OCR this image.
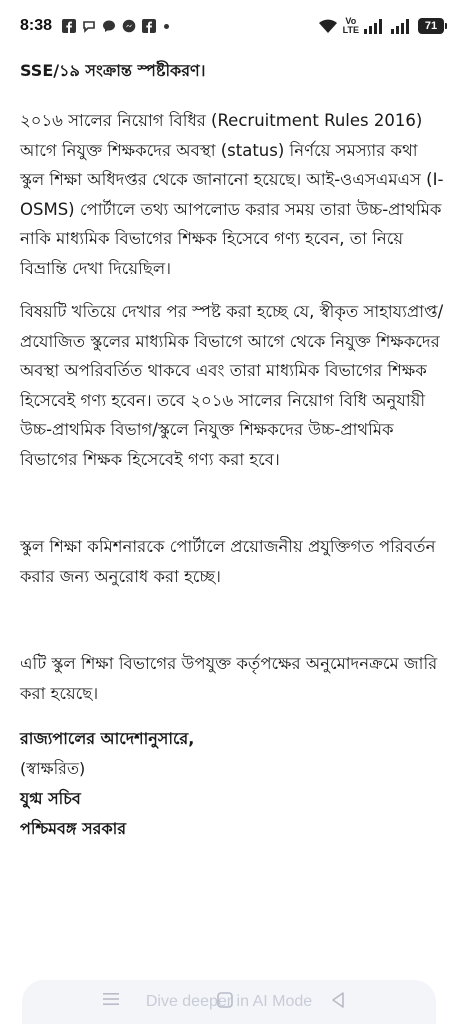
8:38	Vo
LTE	71
SSE/১৯ সংক্রান্ত স্পষ্টীকরণ।

২০১৬ সালের নিয়োগ বিধির (Recruitment Rules 2016) আগে নিযুক্ত শিক্ষকদের অবস্থা (status) নির্ণয়ে সমস্যার কথা স্কুল শিক্ষা অধিদপ্তর থেকে জানানো হয়েছে। আই-ওএসএমএস (I-OSMS) পোর্টালে তথ্য আপলোড করার সময় তারা উচ্চ-প্রাথমিক নাকি মাধ্যমিক বিভাগের শিক্ষক হিসেবে গণ্য হবেন, তা নিয়ে বিভ্রান্তি দেখা দিয়েছিল।

বিষয়টি খতিয়ে দেখার পর স্পষ্ট করা হচ্ছে যে, স্বীকৃত সাহায্যপ্রাপ্ত/প্রযোজিত স্কুলের মাধ্যমিক বিভাগে আগে থেকে নিযুক্ত শিক্ষকদের অবস্থা অপরিবর্তিত থাকবে এবং তারা মাধ্যমিক বিভাগের শিক্ষক হিসেবেই গণ্য হবেন। তবে ২০১৬ সালের নিয়োগ বিধি অনুযায়ী উচ্চ-প্রাথমিক বিভাগ/স্কুলে নিযুক্ত শিক্ষকদের উচ্চ-প্রাথমিক বিভাগের শিক্ষক হিসেবেই গণ্য করা হবে।

স্কুল শিক্ষা কমিশনারকে পোর্টালে প্রয়োজনীয় প্রযুক্তিগত পরিবর্তন করার জন্য অনুরোধ করা হচ্ছে।

এটি স্কুল শিক্ষা বিভাগের উপযুক্ত কর্তৃপক্ষের অনুমোদনক্রমে জারি করা হয়েছে।

রাজ্যপালের আদেশানুসারে,
(স্বাক্ষরিত)
যুগ্ম সচিব
পশ্চিমবঙ্গ সরকার
Dive deeper in AI Mode
